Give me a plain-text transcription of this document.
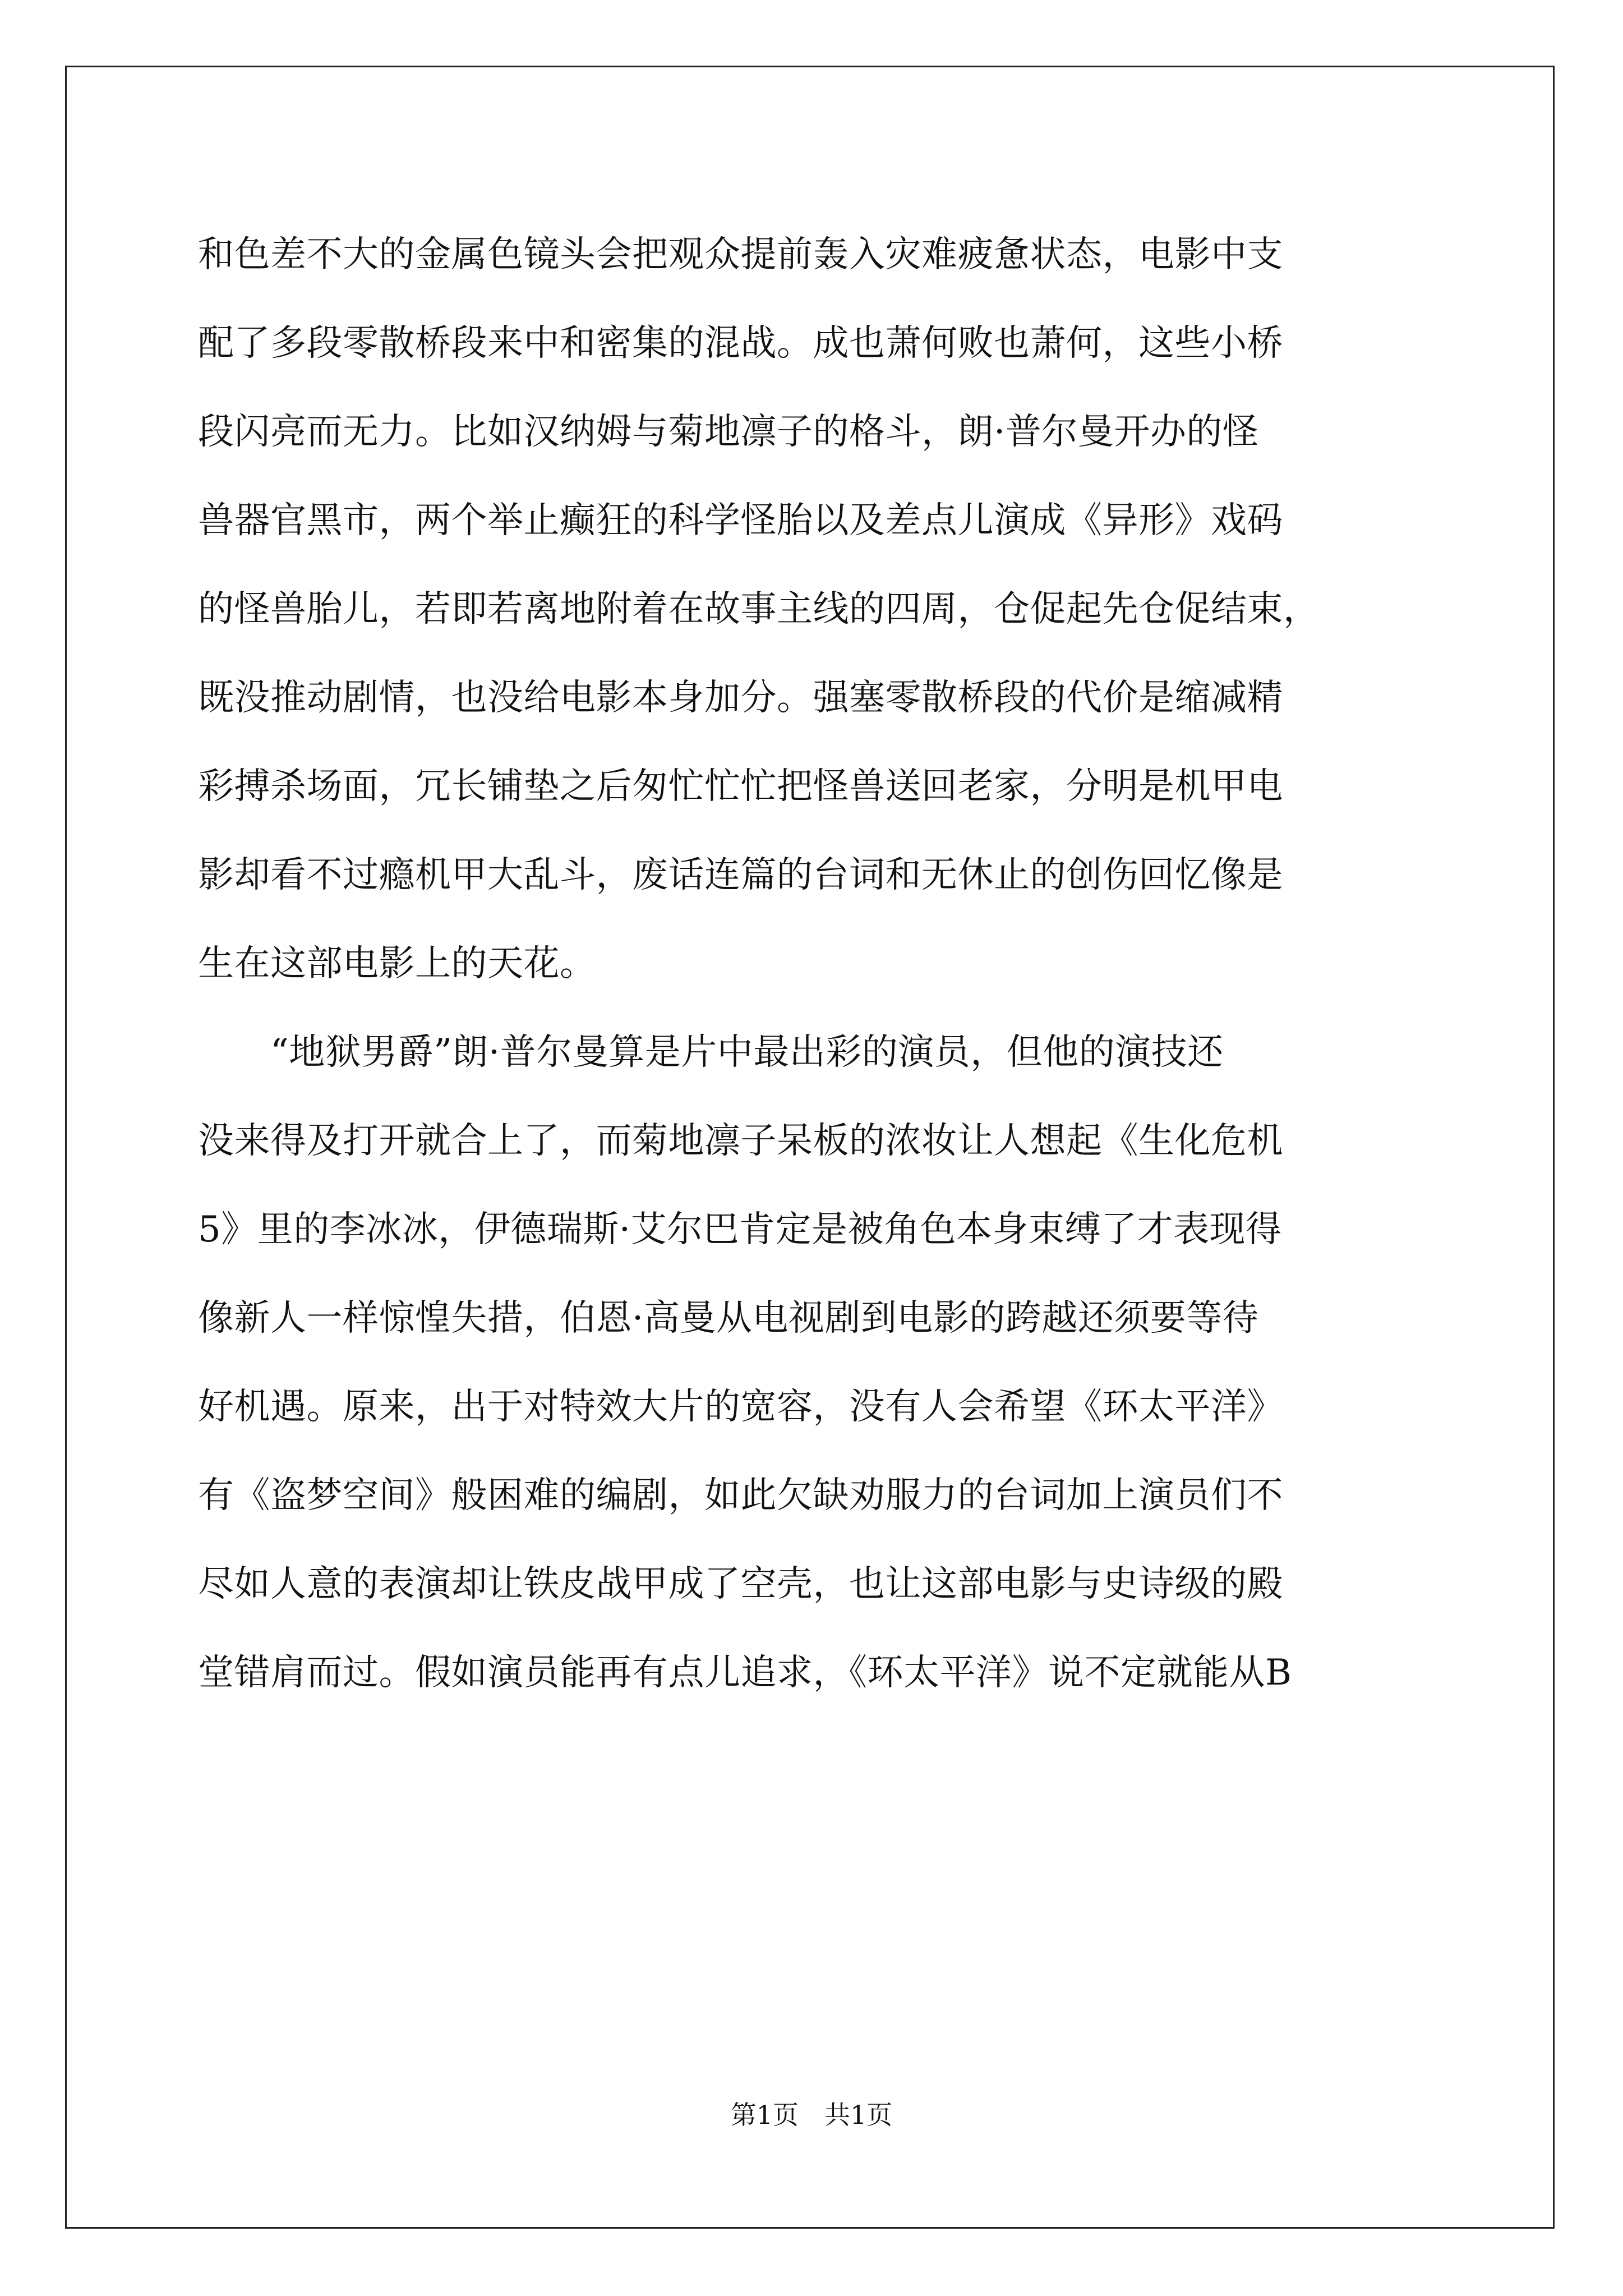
和色差不大的金属色镜头会把观众提前轰入灾难疲惫状态，电影中支
配了多段零散桥段来中和密集的混战。成也萧何败也萧何，这些小桥
段闪亮而无力。比如汉纳姆与菊地凛子的格斗，朗·普尔曼开办的怪
兽器官黑市，两个举止癫狂的科学怪胎以及差点儿演成《异形》戏码
的怪兽胎儿，若即若离地附着在故事主线的四周，仓促起先仓促结束，
既没推动剧情，也没给电影本身加分。强塞零散桥段的代价是缩减精
彩搏杀场面，冗长铺垫之后匆忙忙忙把怪兽送回老家，分明是机甲电
影却看不过瘾机甲大乱斗，废话连篇的台词和无休止的创伤回忆像是
生在这部电影上的天花。
　　“地狱男爵”朗·普尔曼算是片中最出彩的演员，但他的演技还
没来得及打开就合上了，而菊地凛子呆板的浓妆让人想起《生化危机
5》里的李冰冰，伊德瑞斯·艾尔巴肯定是被角色本身束缚了才表现得
像新人一样惊惶失措，伯恩·高曼从电视剧到电影的跨越还须要等待
好机遇。原来，出于对特效大片的宽容，没有人会希望《环太平洋》
有《盗梦空间》般困难的编剧，如此欠缺劝服力的台词加上演员们不
尽如人意的表演却让铁皮战甲成了空壳，也让这部电影与史诗级的殿
堂错肩而过。假如演员能再有点儿追求，《环太平洋》说不定就能从B
第1页　共1页
